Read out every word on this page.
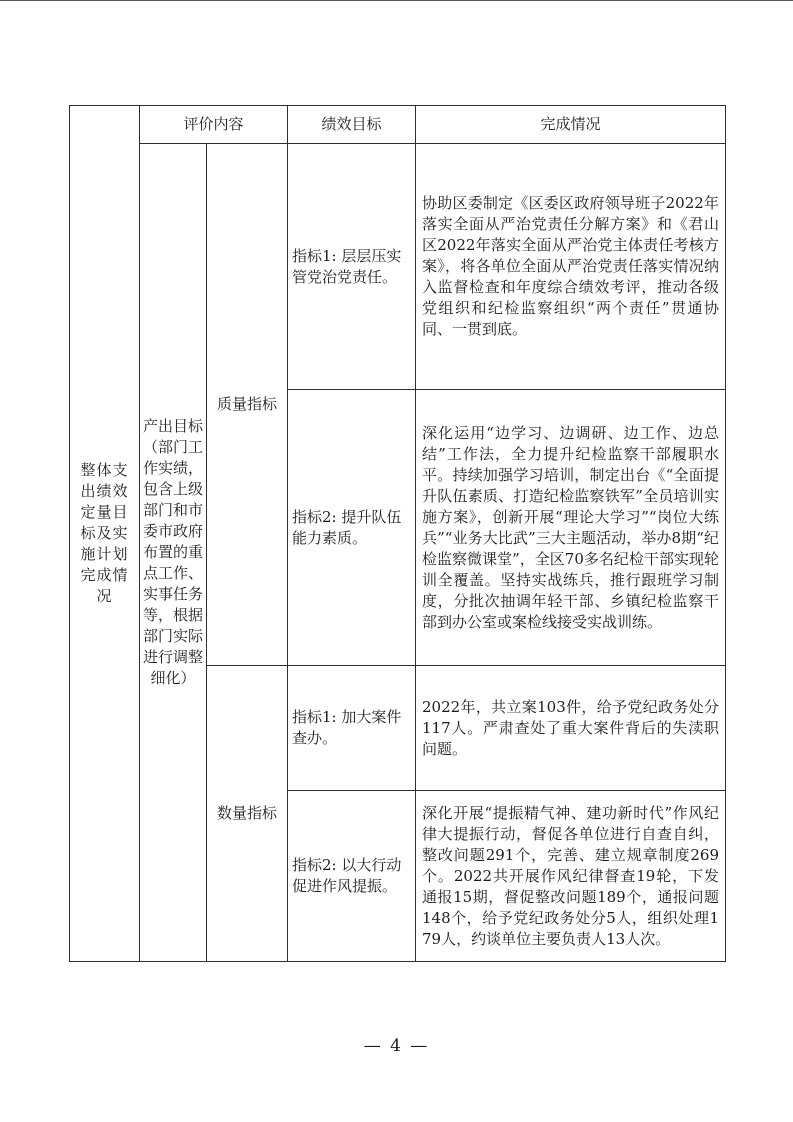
整体支出绩效定量目标及实施计划完成情况	评价内容		绩效目标	完成情况
	产出目标（部门工作实绩，包含上级部门和市委市政府布置的重点工作、实事任务等，根据部门实际进行调整细化）	质量指标	指标1: 层层压实管党治党责任。	协助区委制定《区委区政府领导班子2022年落实全面从严治党责任分解方案》和《君山区2022年落实全面从严治党主体责任考核方案》，将各单位全面从严治党责任落实情况纳入监督检查和年度综合绩效考评，推动各级党组织和纪检监察组织“两个责任”贯通协同、一贯到底。
			指标2: 提升队伍能力素质。	深化运用“边学习、边调研、边工作、边总结”工作法，全力提升纪检监察干部履职水平。持续加强学习培训，制定出台《“全面提升队伍素质、打造纪检监察铁军”全员培训实施方案》，创新开展“理论大学习”“岗位大练兵”“业务大比武”三大主题活动，举办8期“纪检监察微课堂”，全区70多名纪检干部实现轮训全覆盖。坚持实战练兵，推行跟班学习制度，分批次抽调年轻干部、乡镇纪检监察干部到办公室或案检线接受实战训练。
		数量指标	指标1: 加大案件查办。	2022年，共立案103件，给予党纪政务处分117人。严肃查处了重大案件背后的失渎职问题。
			指标2: 以大行动促进作风提振。	深化开展“提振精气神、建功新时代”作风纪律大提振行动，督促各单位进行自查自纠，整改问题291个，完善、建立规章制度269个。2022共开展作风纪律督查19轮，下发通报15期，督促整改问题189个，通报问题148个，给予党纪政务处分5人，组织处理179人，约谈单位主要负责人13人次。
— 4 —
